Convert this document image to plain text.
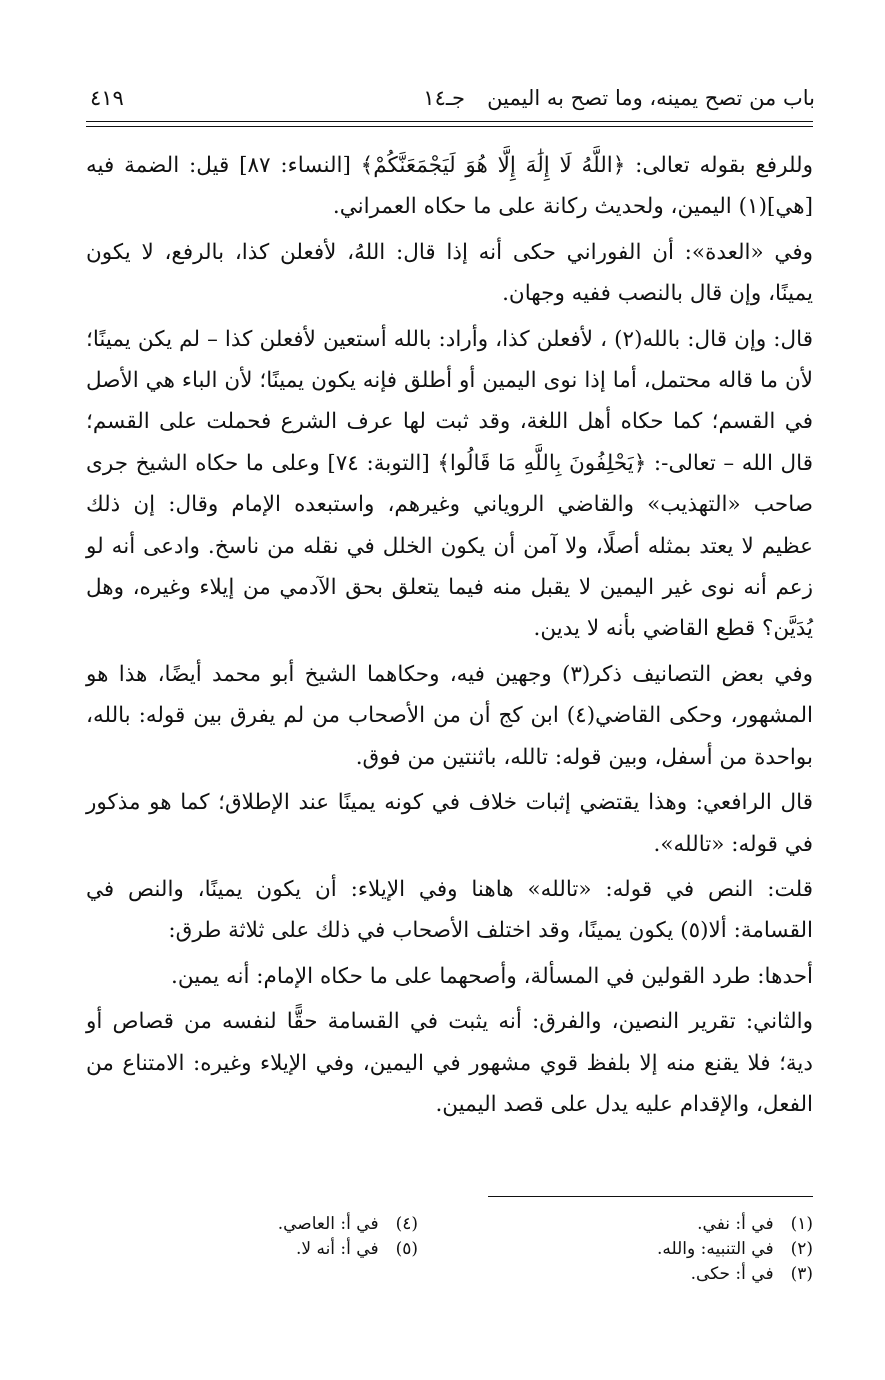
باب من تصح يمينه، وما تصح به اليمين
جـ١٤
٤١٩

وللرفع بقوله تعالى: ﴿اللَّهُ لَا إِلَٰهَ إِلَّا هُوَ لَيَجْمَعَنَّكُمْ﴾ [النساء: ٨٧] قيل: الضمة فيه [هي](١) اليمين، ولحديث ركانة على ما حكاه العمراني.

وفي «العدة»: أن الفوراني حكى أنه إذا قال: اللهُ، لأفعلن كذا، بالرفع، لا يكون يمينًا، وإن قال بالنصب ففيه وجهان.

قال: وإن قال: بالله(٢) ، لأفعلن كذا، وأراد: بالله أستعين لأفعلن كذا – لم يكن يمينًا؛ لأن ما قاله محتمل، أما إذا نوى اليمين أو أطلق فإنه يكون يمينًا؛ لأن الباء هي الأصل في القسم؛ كما حكاه أهل اللغة، وقد ثبت لها عرف الشرع فحملت على القسم؛ قال الله – تعالى-: ﴿يَحْلِفُونَ بِاللَّهِ مَا قَالُوا﴾ [التوبة: ٧٤] وعلى ما حكاه الشيخ جرى صاحب «التهذيب» والقاضي الروياني وغيرهم، واستبعده الإمام وقال: إن ذلك عظيم لا يعتد بمثله أصلًا، ولا آمن أن يكون الخلل في نقله من ناسخ. وادعى أنه لو زعم أنه نوى غير اليمين لا يقبل منه فيما يتعلق بحق الآدمي من إيلاء وغيره، وهل يُدَيَّن؟ قطع القاضي بأنه لا يدين.

وفي بعض التصانيف ذكر(٣) وجهين فيه، وحكاهما الشيخ أبو محمد أيضًا، هذا هو المشهور، وحكى القاضي(٤) ابن كج أن من الأصحاب من لم يفرق بين قوله: بالله، بواحدة من أسفل، وبين قوله: تالله، باثنتين من فوق.

قال الرافعي: وهذا يقتضي إثبات خلاف في كونه يمينًا عند الإطلاق؛ كما هو مذكور في قوله: «تالله».

قلت: النص في قوله: «تالله» هاهنا وفي الإيلاء: أن يكون يمينًا، والنص في القسامة: ألا(٥) يكون يمينًا، وقد اختلف الأصحاب في ذلك على ثلاثة طرق:

أحدها: طرد القولين في المسألة، وأصحهما على ما حكاه الإمام: أنه يمين.

والثاني: تقرير النصين، والفرق: أنه يثبت في القسامة حقًّا لنفسه من قصاص أو دية؛ فلا يقنع منه إلا بلفظ قوي مشهور في اليمين، وفي الإيلاء وغيره: الامتناع من الفعل، والإقدام عليه يدل على قصد اليمين.

(١) في أ: نفي.
(٢) في التنبيه: والله.
(٣) في أ: حكى.
(٤) في أ: العاصي.
(٥) في أ: أنه لا.
